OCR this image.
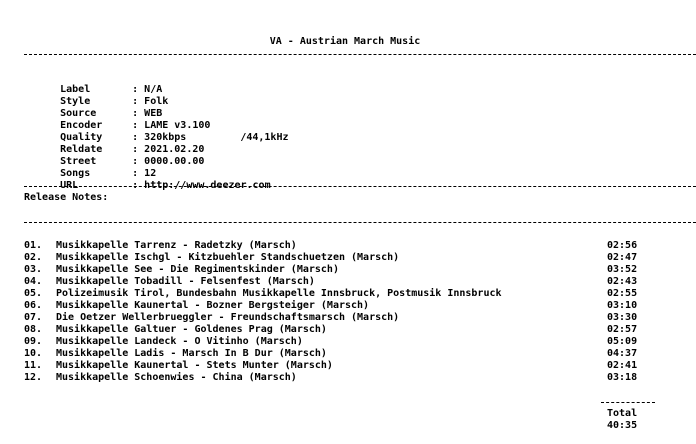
VA - Austrian March Music

Label	: N/A

Style	: Folk

Source	: WEB

Encoder	: LAME v3.100

Quality	: 320kbps	/44,1kHz

Reldate	: 2021.02.20

Street	: 0000.00.00

Songs	: 12

URL	: http://www.deezer.com

Release Notes:
01. Musikkapelle Tarrenz - Radetzky (Marsch)	02:56
02. Musikkapelle Ischgl - Kitzbuehler Standschuetzen (Marsch)	02:47
03. Musikkapelle See - Die Regimentskinder (Marsch)	03:52
04. Musikkapelle Tobadill - Felsenfest (Marsch)	02:43
05. Polizeimusik Tirol, Bundesbahn Musikkapelle Innsbruck, Postmusik Innsbruck	02:55
06. Musikkapelle Kaunertal - Bozner Bergsteiger (Marsch)	03:10
07. Die Oetzer Wellerbrueggler - Freundschaftsmarsch (Marsch)	03:30
08. Musikkapelle Galtuer - Goldenes Prag (Marsch)	02:57
09. Musikkapelle Landeck - O Vitinho (Marsch)	05:09
10. Musikkapelle Ladis - Marsch In B Dur (Marsch)	04:37
11. Musikkapelle Kaunertal - Stets Munter (Marsch)	02:41
12. Musikkapelle Schoenwies - China (Marsch)	03:18
Total
40:35
